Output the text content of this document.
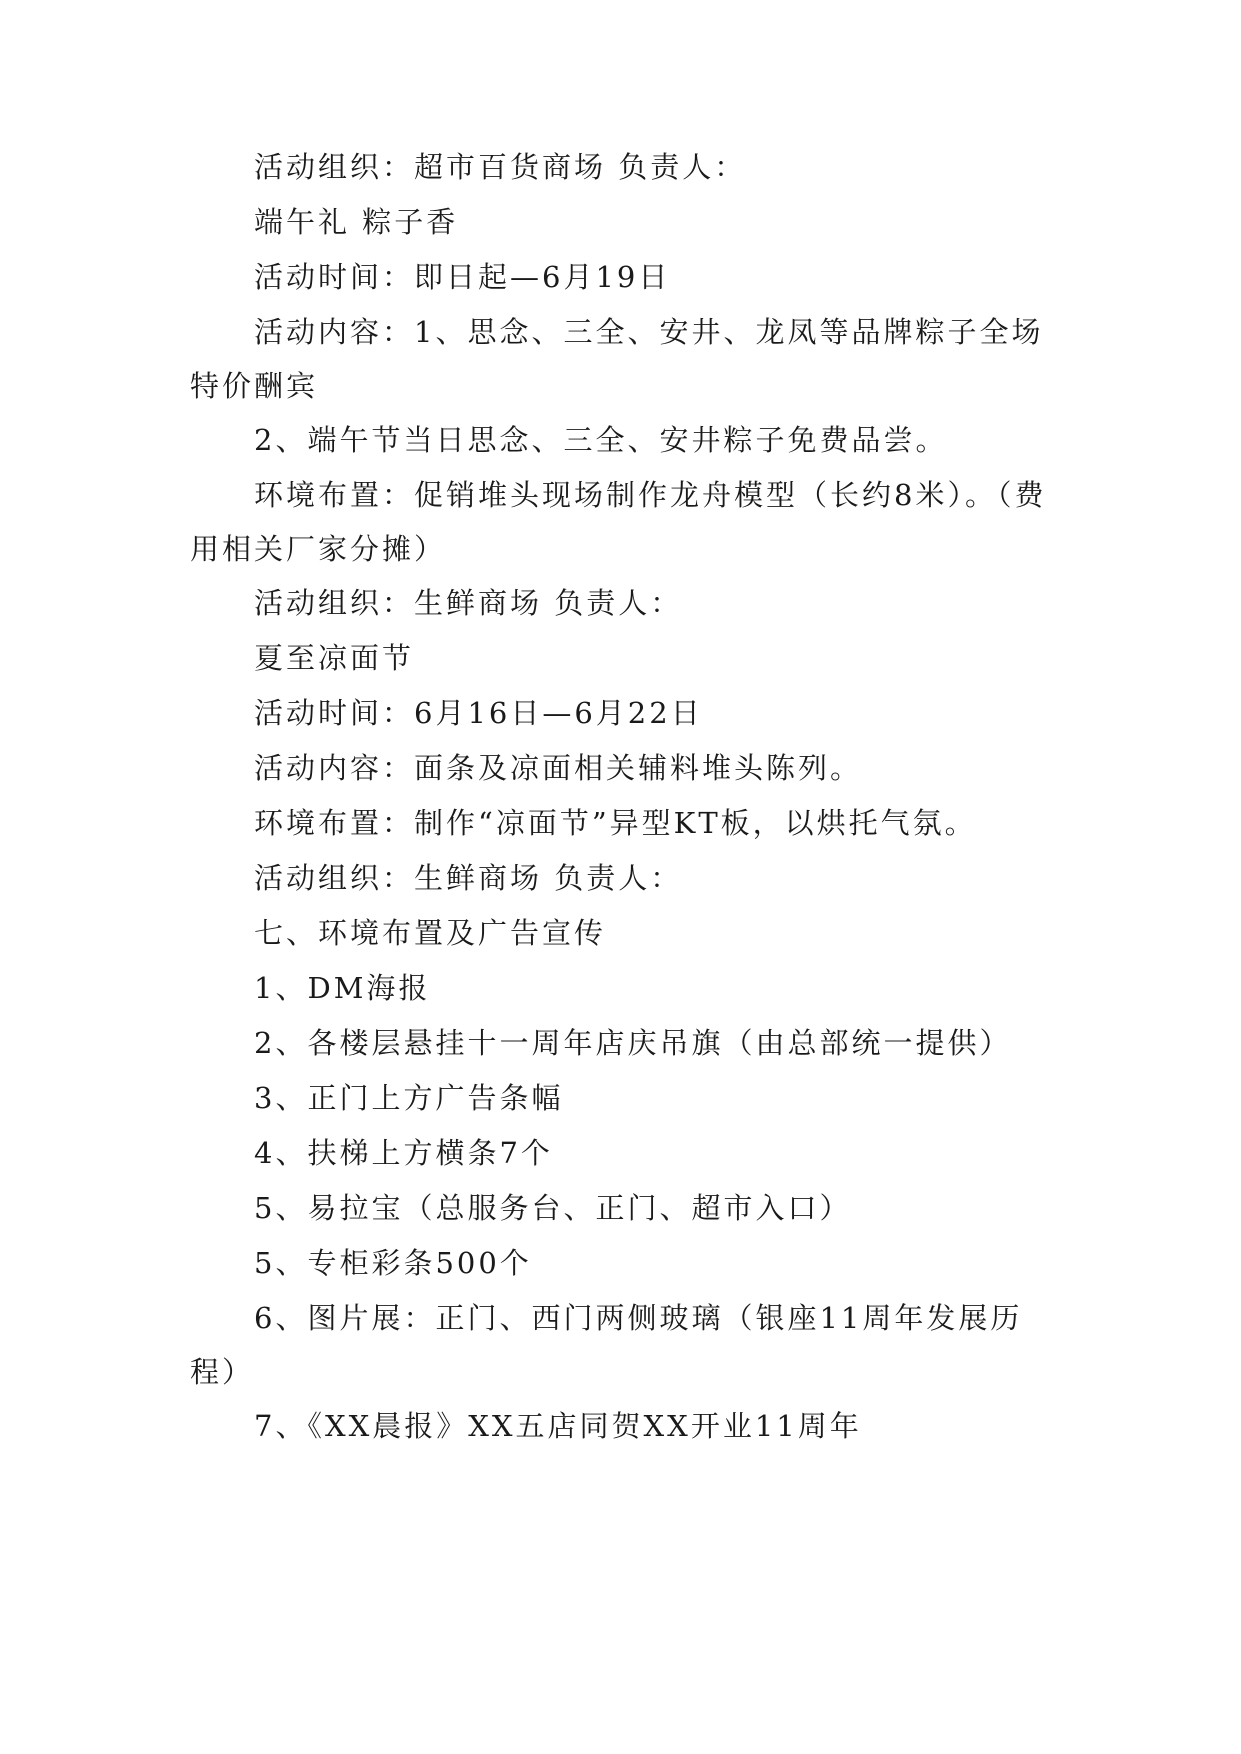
活动组织：超市百货商场 负责人：

端午礼 粽子香

活动时间：即日起—6月19日

活动内容：1、思念、三全、安井、龙凤等品牌粽子全场特价酬宾

2、端午节当日思念、三全、安井粽子免费品尝。

环境布置：促销堆头现场制作龙舟模型（长约8米）。（费用相关厂家分摊）

活动组织：生鲜商场 负责人：

夏至凉面节

活动时间：6月16日—6月22日

活动内容：面条及凉面相关辅料堆头陈列。

环境布置：制作“凉面节”异型KT板，以烘托气氛。

活动组织：生鲜商场 负责人：

七、环境布置及广告宣传

1、DM海报

2、各楼层悬挂十一周年店庆吊旗（由总部统一提供）

3、正门上方广告条幅

4、扶梯上方横条7个

5、易拉宝（总服务台、正门、超市入口）

5、专柜彩条500个

6、图片展：正门、西门两侧玻璃（银座11周年发展历程）

7、《XX晨报》XX五店同贺XX开业11周年
